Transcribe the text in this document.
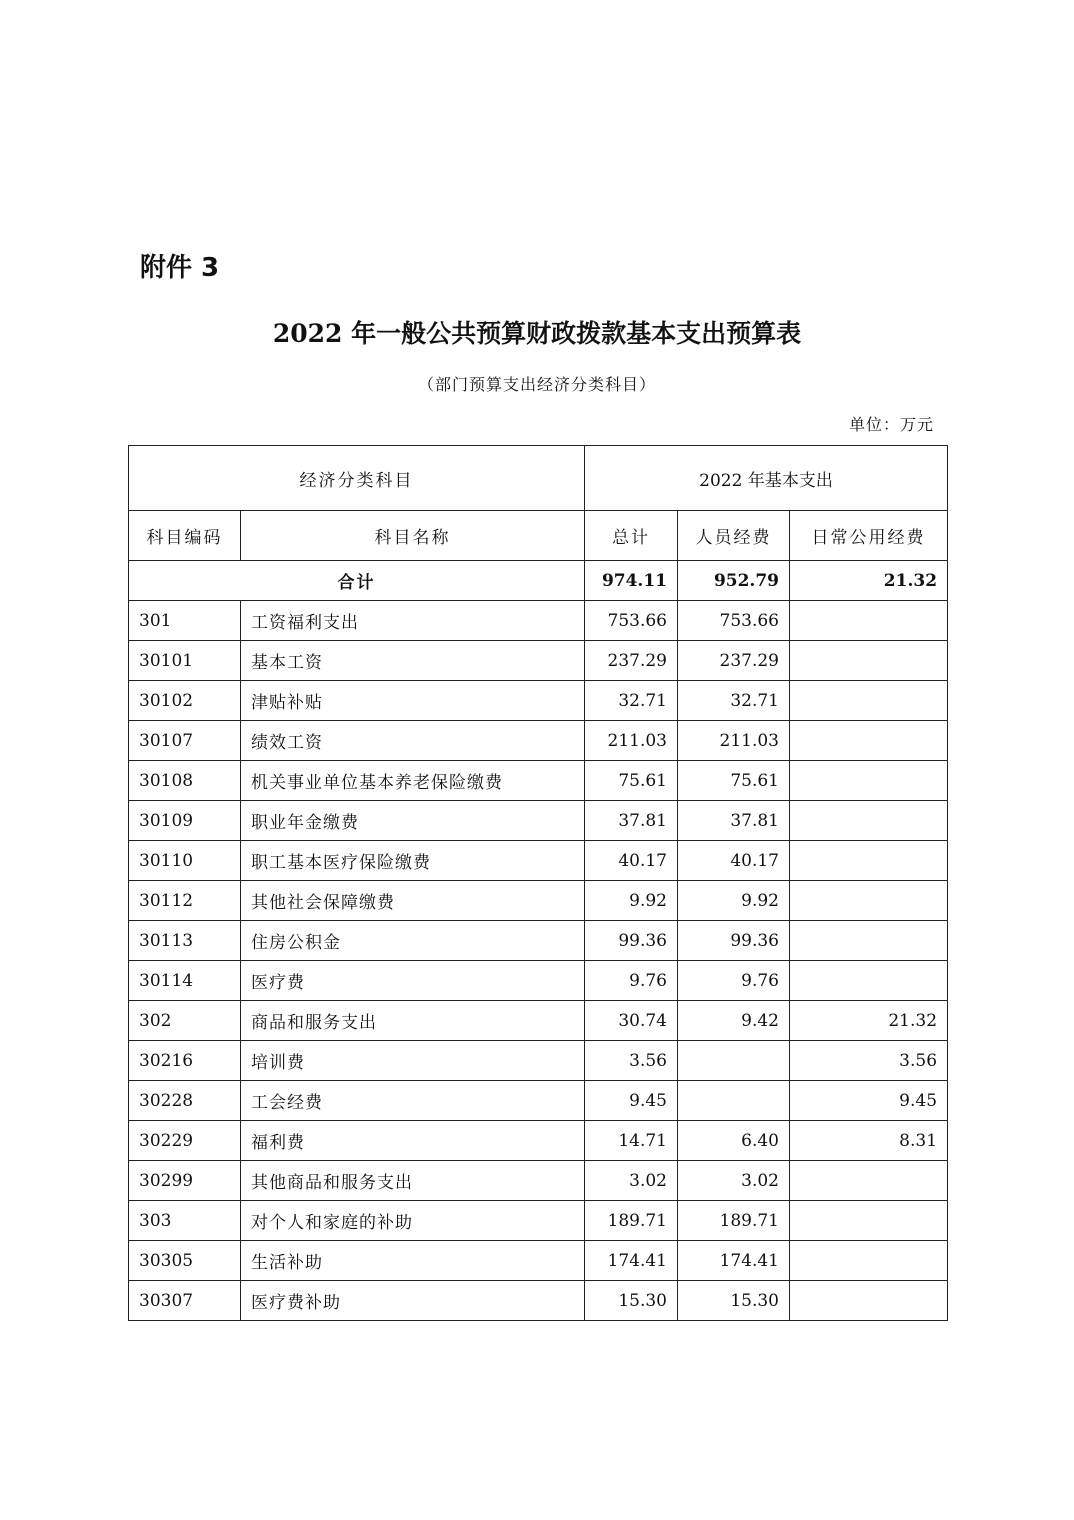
附件 3
2022 年一般公共预算财政拨款基本支出预算表
（部门预算支出经济分类科目）
单位：万元
经济分类科目		2022 年基本支出		
科目编码	科目名称	总计	人员经费	日常公用经费
合计		974.11	952.79	21.32
301	工资福利支出	753.66	753.66	
30101	基本工资	237.29	237.29	
30102	津贴补贴	32.71	32.71	
30107	绩效工资	211.03	211.03	
30108	机关事业单位基本养老保险缴费	75.61	75.61	
30109	职业年金缴费	37.81	37.81	
30110	职工基本医疗保险缴费	40.17	40.17	
30112	其他社会保障缴费	9.92	9.92	
30113	住房公积金	99.36	99.36	
30114	医疗费	9.76	9.76	
302	商品和服务支出	30.74	9.42	21.32
30216	培训费	3.56		3.56
30228	工会经费	9.45		9.45
30229	福利费	14.71	6.40	8.31
30299	其他商品和服务支出	3.02	3.02	
303	对个人和家庭的补助	189.71	189.71	
30305	生活补助	174.41	174.41	
30307	医疗费补助	15.30	15.30	
